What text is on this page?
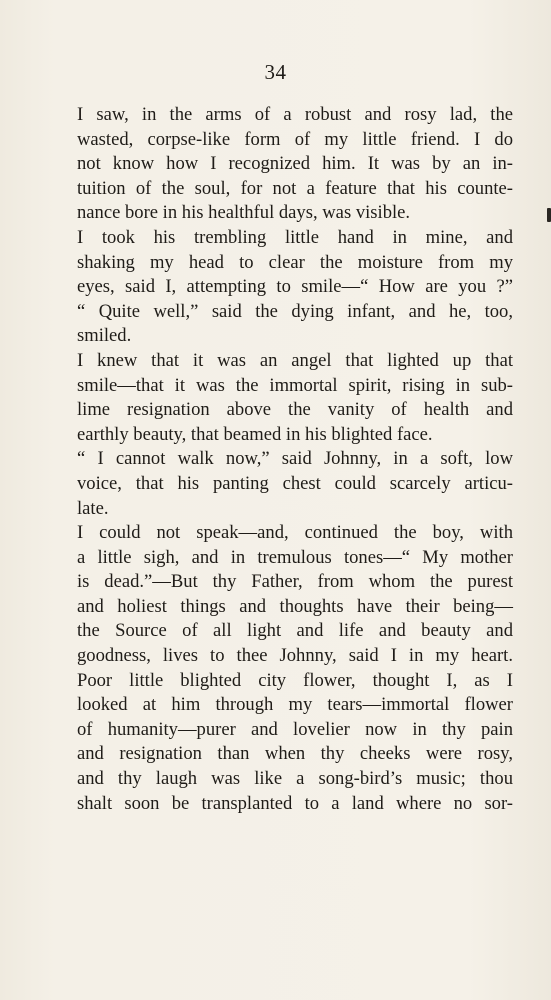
34
I saw, in the arms of a robust and rosy lad, the
wasted, corpse-like form of my little friend. I do
not know how I recognized him. It was by an in-
tuition of the soul, for not a feature that his counte-
nance bore in his healthful days, was visible.
I took his trembling little hand in mine, and
shaking my head to clear the moisture from my
eyes, said I, attempting to smile—“ How are you ?”
“ Quite well,” said the dying infant, and he, too,
smiled.
I knew that it was an angel that lighted up that
smile—that it was the immortal spirit, rising in sub-
lime resignation above the vanity of health and
earthly beauty, that beamed in his blighted face.
“ I cannot walk now,” said Johnny, in a soft, low
voice, that his panting chest could scarcely articu-
late.
I could not speak—and, continued the boy, with
a little sigh, and in tremulous tones—“ My mother
is dead.”—But thy Father, from whom the purest
and holiest things and thoughts have their being—
the Source of all light and life and beauty and
goodness, lives to thee Johnny, said I in my heart.
Poor little blighted city flower, thought I, as I
looked at him through my tears—immortal flower
of humanity—purer and lovelier now in thy pain
and resignation than when thy cheeks were rosy,
and thy laugh was like a song-bird’s music; thou
shalt soon be transplanted to a land where no sor-
